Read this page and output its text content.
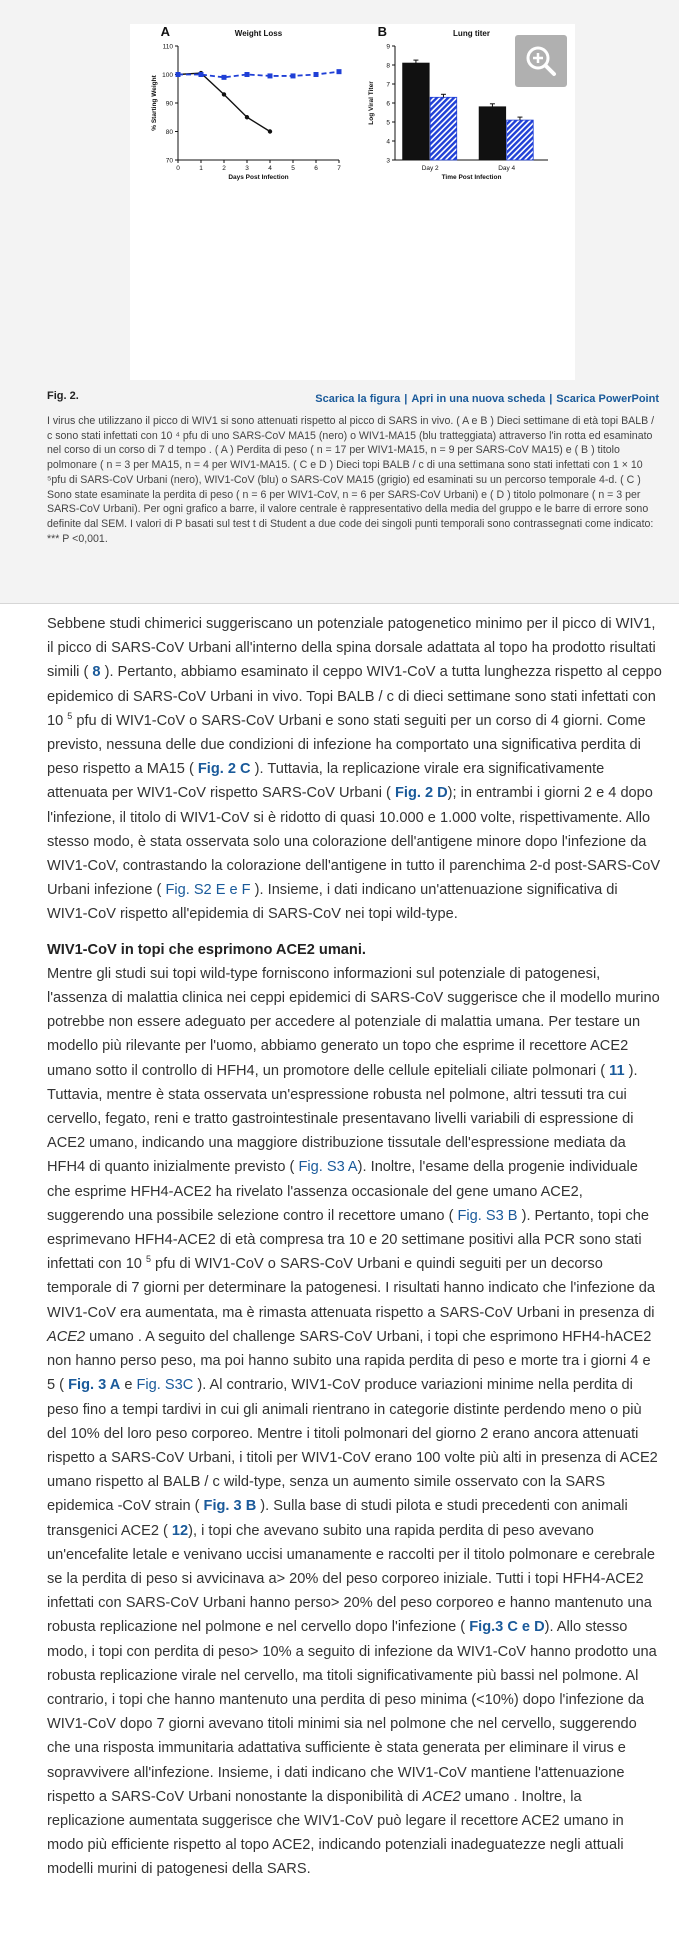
A	Weight Loss
Days Post Infection
% Starting Weight
110
100
90
80
70
0	1	2	3	4	5	6	7
B	Lung titer
Time Post Infection
Log Viral Titer
9
8
7
6
5
4
3
Day 2	Day 4
Fig. 2.	Scarica la figura | Apri in una nuova scheda | Scarica PowerPoint
I virus che utilizzano il picco di WIV1 si sono attenuati rispetto al picco di SARS in vivo. ( A e B ) Dieci settimane di età topi BALB / c sono stati infettati con 10 ⁴ pfu di uno SARS-CoV MA15 (nero) o WIV1-MA15 (blu tratteggiata) attraverso l'in rotta ed esaminato nel corso di un corso di 7 d tempo . ( A ) Perdita di peso ( n = 17 per WIV1-MA15, n = 9 per SARS-CoV MA15) e ( B ) titolo polmonare ( n = 3 per MA15, n = 4 per WIV1-MA15. ( C e D ) Dieci topi BALB / c di una settimana sono stati infettati con 1 × 10 ⁵pfu di SARS-CoV Urbani (nero), WIV1-CoV (blu) o SARS-CoV MA15 (grigio) ed esaminati su un percorso temporale 4-d. ( C ) Sono state esaminate la perdita di peso ( n = 6 per WIV1-CoV, n = 6 per SARS-CoV Urbani) e ( D ) titolo polmonare ( n = 3 per SARS-CoV Urbani). Per ogni grafico a barre, il valore centrale è rappresentativo della media del gruppo e le barre di errore sono definite dal SEM. I valori di P basati sul test t di Student a due code dei singoli punti temporali sono contrassegnati come indicato: *** P <0,001.

Sebbene studi chimerici suggeriscano un potenziale patogenetico minimo per il picco di WIV1, il picco di SARS-CoV Urbani all'interno della spina dorsale adattata al topo ha prodotto risultati simili ( 8 ). Pertanto, abbiamo esaminato il ceppo WIV1-CoV a tutta lunghezza rispetto al ceppo epidemico di SARS-CoV Urbani in vivo. Topi BALB / c di dieci settimane sono stati infettati con 10 $^5$ pfu di WIV1-CoV o SARS-CoV Urbani e sono stati seguiti per un corso di 4 giorni. Come previsto, nessuna delle due condizioni di infezione ha comportato una significativa perdita di peso rispetto a MA15 ( Fig. 2 C ). Tuttavia, la replicazione virale era significativamente attenuata per WIV1-CoV rispetto SARS-CoV Urbani ( Fig. 2 D); in entrambi i giorni 2 e 4 dopo l'infezione, il titolo di WIV1-CoV si è ridotto di quasi 10.000 e 1.000 volte, rispettivamente. Allo stesso modo, è stata osservata solo una colorazione dell'antigene minore dopo l'infezione da WIV1-CoV, contrastando la colorazione dell'antigene in tutto il parenchima 2-d post-SARS-CoV Urbani infezione ( Fig. S2 E e F ). Insieme, i dati indicano un'attenuazione significativa di WIV1-CoV rispetto all'epidemia di SARS-CoV nei topi wild-type.

WIV1-CoV in topi che esprimono ACE2 umani.

Mentre gli studi sui topi wild-type forniscono informazioni sul potenziale di patogenesi, l'assenza di malattia clinica nei ceppi epidemici di SARS-CoV suggerisce che il modello murino potrebbe non essere adeguato per accedere al potenziale di malattia umana. Per testare un modello più rilevante per l'uomo, abbiamo generato un topo che esprime il recettore ACE2 umano sotto il controllo di HFH4, un promotore delle cellule epiteliali ciliate polmonari ( 11 ). Tuttavia, mentre è stata osservata un'espressione robusta nel polmone, altri tessuti tra cui cervello, fegato, reni e tratto gastrointestinale presentavano livelli variabili di espressione di ACE2 umano, indicando una maggiore distribuzione tissutale dell'espressione mediata da HFH4 di quanto inizialmente previsto ( Fig. S3 A). Inoltre, l'esame della progenie individuale che esprime HFH4-ACE2 ha rivelato l'assenza occasionale del gene umano ACE2, suggerendo una possibile selezione contro il recettore umano ( Fig. S3 B ). Pertanto, topi che esprimevano HFH4-ACE2 di età compresa tra 10 e 20 settimane positivi alla PCR sono stati infettati con 10 $^5$ pfu di WIV1-CoV o SARS-CoV Urbani e quindi seguiti per un decorso temporale di 7 giorni per determinare la patogenesi. I risultati hanno indicato che l'infezione da WIV1-CoV era aumentata, ma è rimasta attenuata rispetto a SARS-CoV Urbani in presenza di ACE2 umano . A seguito del challenge SARS-CoV Urbani, i topi che esprimono HFH4-hACE2 non hanno perso peso, ma poi hanno subito una rapida perdita di peso e morte tra i giorni 4 e 5 ( Fig. 3 A e Fig. S3C ). Al contrario, WIV1-CoV produce variazioni minime nella perdita di peso fino a tempi tardivi in cui gli animali rientrano in categorie distinte perdendo meno o più del 10% del loro peso corporeo. Mentre i titoli polmonari del giorno 2 erano ancora attenuati rispetto a SARS-CoV Urbani, i titoli per WIV1-CoV erano 100 volte più alti in presenza di ACE2 umano rispetto al BALB / c wild-type, senza un aumento simile osservato con la SARS epidemica -CoV strain ( Fig. 3 B ). Sulla base di studi pilota e studi precedenti con animali transgenici ACE2 ( 12), i topi che avevano subito una rapida perdita di peso avevano un'encefalite letale e venivano uccisi umanamente e raccolti per il titolo polmonare e cerebrale se la perdita di peso si avvicinava a> 20% del peso corporeo iniziale. Tutti i topi HFH4-ACE2 infettati con SARS-CoV Urbani hanno perso> 20% del peso corporeo e hanno mantenuto una robusta replicazione nel polmone e nel cervello dopo l'infezione ( Fig.3 C e D). Allo stesso modo, i topi con perdita di peso> 10% a seguito di infezione da WIV1-CoV hanno prodotto una robusta replicazione virale nel cervello, ma titoli significativamente più bassi nel polmone. Al contrario, i topi che hanno mantenuto una perdita di peso minima (<10%) dopo l'infezione da WIV1-CoV dopo 7 giorni avevano titoli minimi sia nel polmone che nel cervello, suggerendo che una risposta immunitaria adattativa sufficiente è stata generata per eliminare il virus e sopravvivere all'infezione. Insieme, i dati indicano che WIV1-CoV mantiene l'attenuazione rispetto a SARS-CoV Urbani nonostante la disponibilità di ACE2 umano . Inoltre, la replicazione aumentata suggerisce che WIV1-CoV può legare il recettore ACE2 umano in modo più efficiente rispetto al topo ACE2, indicando potenziali inadeguatezze negli attuali modelli murini di patogenesi della SARS.
